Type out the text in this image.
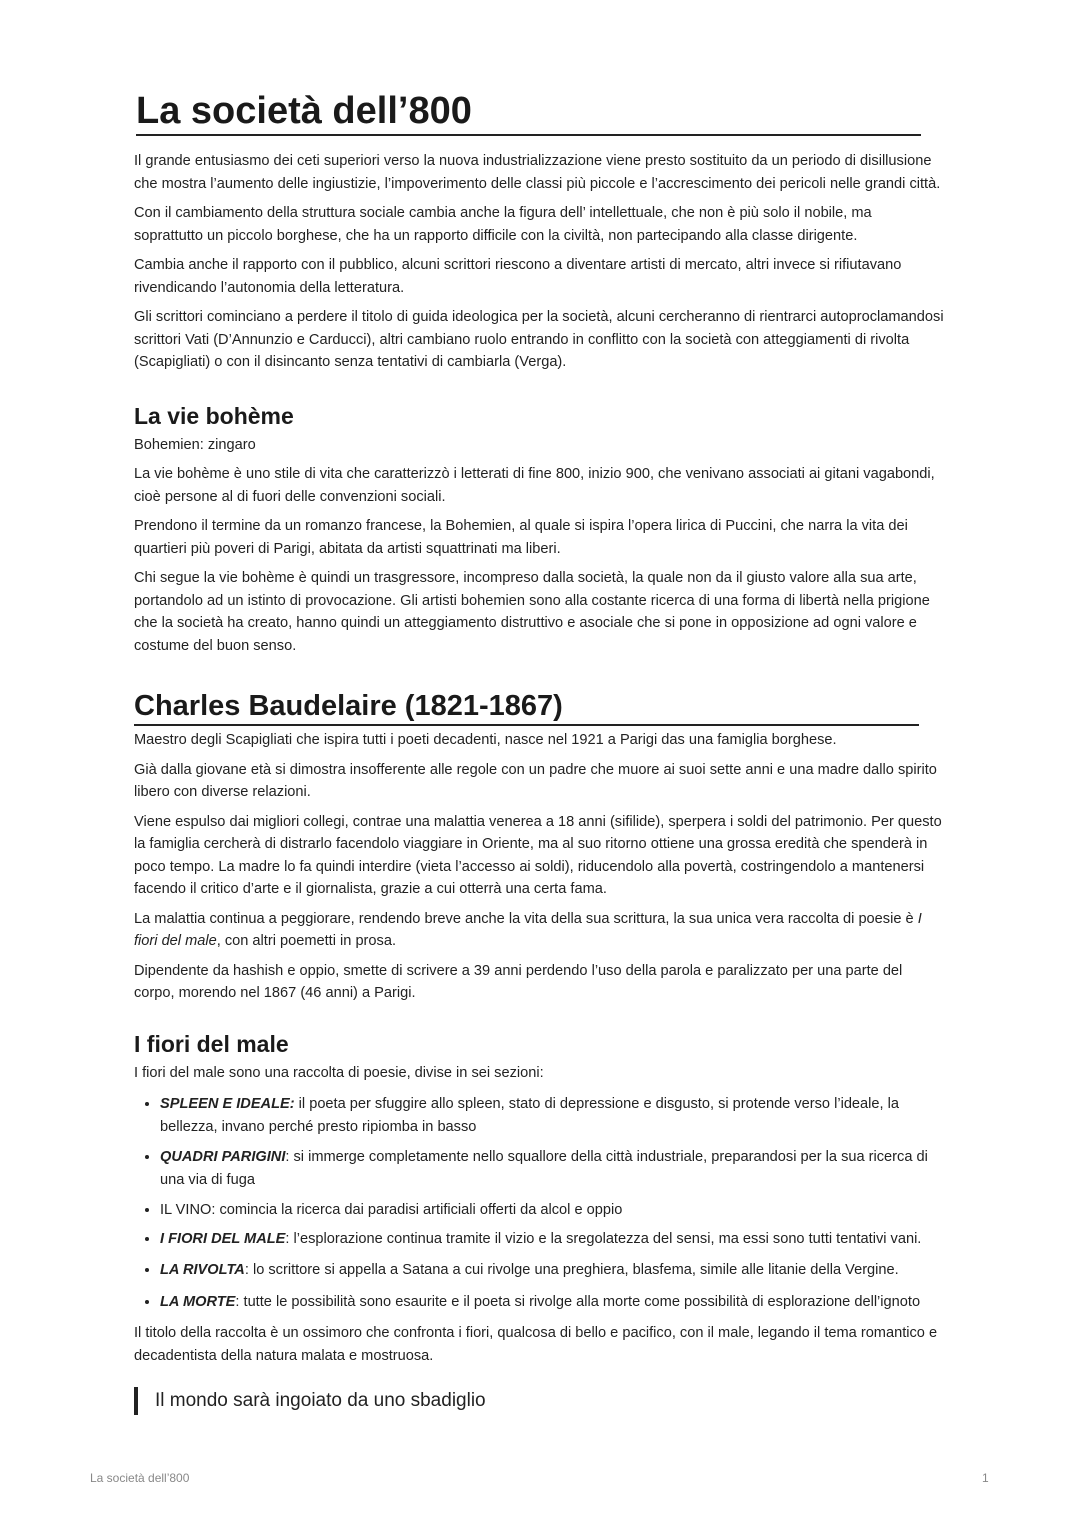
La società dell’800

Il grande entusiasmo dei ceti superiori verso la nuova industrializzazione viene presto sostituito da un periodo di disillusione che mostra l’aumento delle ingiustizie, l’impoverimento delle classi più piccole e l’accrescimento dei pericoli nelle grandi città.

Con il cambiamento della struttura sociale cambia anche la figura dell’ intellettuale, che non è più solo il nobile, ma soprattutto un piccolo borghese, che ha un rapporto difficile con la civiltà, non partecipando alla classe dirigente.

Cambia anche il rapporto con il pubblico, alcuni scrittori riescono a diventare artisti di mercato, altri invece si rifiutavano rivendicando l’autonomia della letteratura.

Gli scrittori cominciano a perdere il titolo di guida ideologica per la società, alcuni cercheranno di rientrarci autoproclamandosi scrittori Vati (D’Annunzio e Carducci), altri cambiano ruolo entrando in conflitto con la società con atteggiamenti di rivolta (Scapigliati) o con il disincanto senza tentativi di cambiarla (Verga).

La vie bohème

Bohemien: zingaro

La vie bohème è uno stile di vita che caratterizzò i letterati di fine 800, inizio 900, che venivano associati ai gitani vagabondi, cioè persone al di fuori delle convenzioni sociali.

Prendono il termine da un romanzo francese, la Bohemien, al quale si ispira l’opera lirica di Puccini, che narra la vita dei quartieri più poveri di Parigi, abitata da artisti squattrinati ma liberi.

Chi segue la vie bohème è quindi un trasgressore, incompreso dalla società, la quale non da il giusto valore alla sua arte, portandolo ad un istinto di provocazione. Gli artisti bohemien sono alla costante ricerca di una forma di libertà nella prigione che la società ha creato, hanno quindi un atteggiamento distruttivo e asociale che si pone in opposizione ad ogni valore e costume del buon senso.

Charles Baudelaire (1821-1867)

Maestro degli Scapigliati che ispira tutti i poeti decadenti, nasce nel 1921 a Parigi das una famiglia borghese.

Già dalla giovane età si dimostra insofferente alle regole con un padre che muore ai suoi sette anni e una madre dallo spirito libero con diverse relazioni.

Viene espulso dai migliori collegi, contrae una malattia venerea a 18 anni (sifilide), sperpera i soldi del patrimonio. Per questo la famiglia cercherà di distrarlo facendolo viaggiare in Oriente, ma al suo ritorno ottiene una grossa eredità che spenderà in poco tempo. La madre lo fa quindi interdire (vieta l’accesso ai soldi), riducendolo alla povertà, costringendolo a mantenersi facendo il critico d’arte e il giornalista, grazie a cui otterrà una certa fama.

La malattia continua a peggiorare, rendendo breve anche la vita della sua scrittura, la sua unica vera raccolta di poesie è I fiori del male, con altri poemetti in prosa.

Dipendente da hashish e oppio, smette di scrivere a 39 anni perdendo l’uso della parola e paralizzato per una parte del corpo, morendo nel 1867 (46 anni) a Parigi.

I fiori del male

I fiori del male sono una raccolta di poesie, divise in sei sezioni:

• SPLEEN E IDEALE: il poeta per sfuggire allo spleen, stato di depressione e disgusto, si protende verso l’ideale, la bellezza, invano perché presto ripiomba in basso
• QUADRI PARIGINI: si immerge completamente nello squallore della città industriale, preparandosi per la sua ricerca di una via di fuga
• IL VINO: comincia la ricerca dai paradisi artificiali offerti da alcol e oppio
• I FIORI DEL MALE: l’esplorazione continua tramite il vizio e la sregolatezza del sensi, ma essi sono tutti tentativi vani.
• LA RIVOLTA: lo scrittore si appella a Satana a cui rivolge una preghiera, blasfema, simile alle litanie della Vergine.
• LA MORTE: tutte le possibilità sono esaurite e il poeta si rivolge alla morte come possibilità di esplorazione dell’ignoto

Il titolo della raccolta è un ossimoro che confronta i fiori, qualcosa di bello e pacifico, con il male, legando il tema romantico e decadentista della natura malata e mostruosa.

Il mondo sarà ingoiato da uno sbadiglio
La società dell’800	1
